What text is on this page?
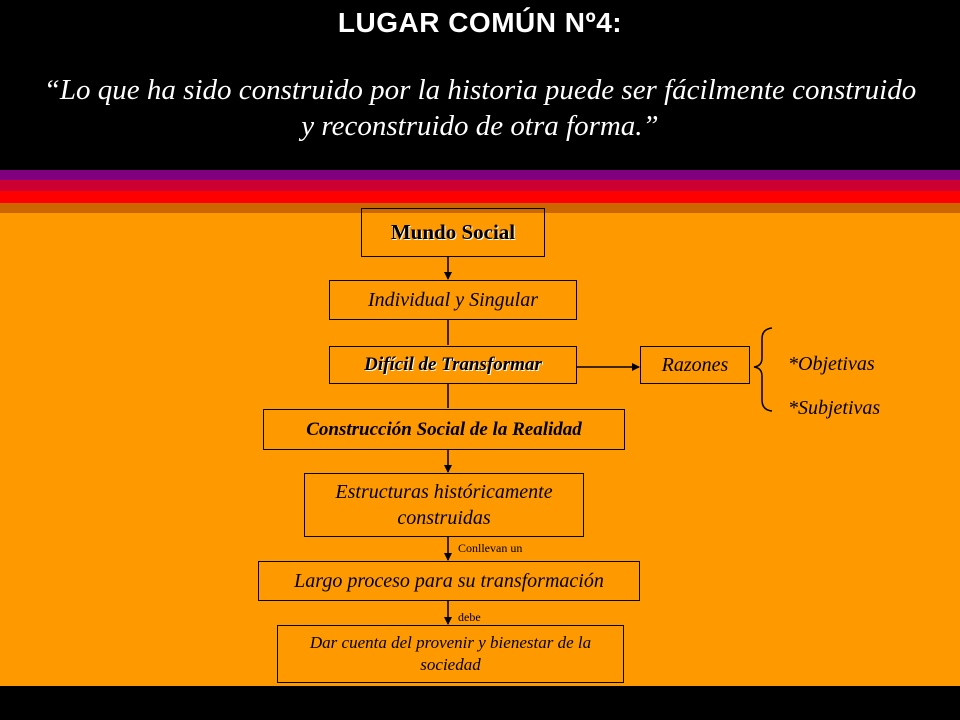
LUGAR COMÚN Nº4:
“Lo que ha sido construido por la historia puede ser fácilmente construido y reconstruido de otra forma.”
Mundo Social
Individual y Singular
Difícil de Transformar
Construcción Social de la Realidad
Estructuras históricamente construidas
Largo proceso para su transformación
Dar cuenta del provenir y bienestar de la sociedad
Razones	*Objetivas
*Subjetivas
Conllevan un
debe
